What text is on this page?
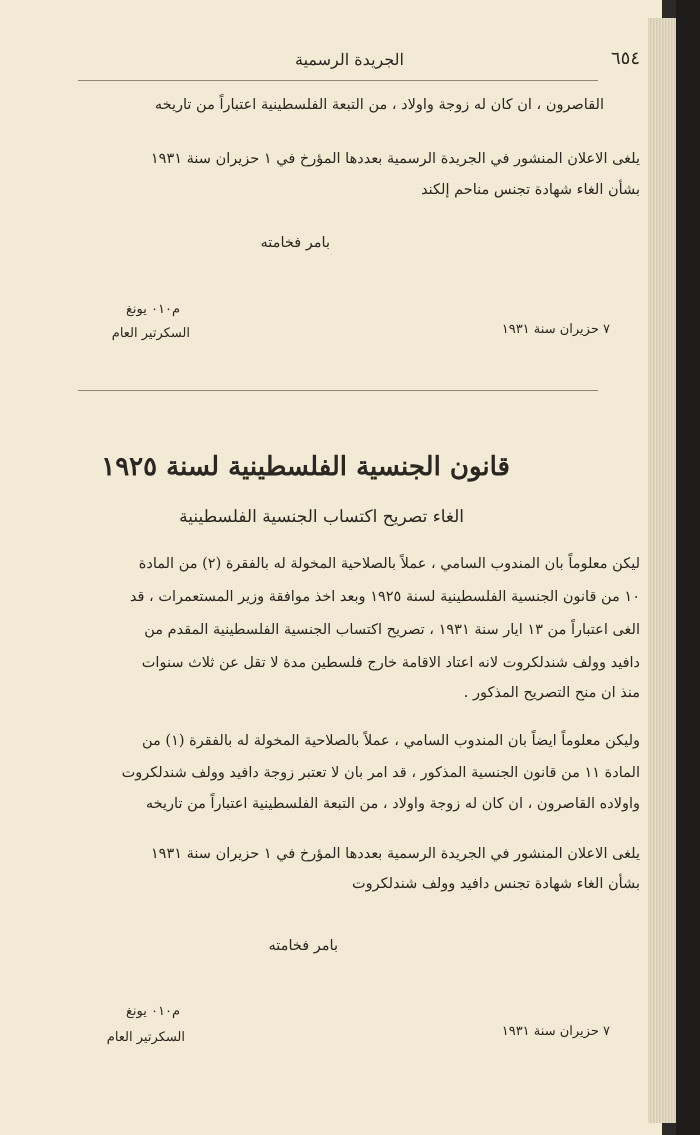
الجريدة الرسمية	٦٥٤
القاصرون ، ان كان له زوجة واولاد ، من التبعة الفلسطينية اعتباراً من تاريخه
يلغى الاعلان المنشور في الجريدة الرسمية بعددها المؤرخ في ١ حزيران سنة ١٩٣١
بشأن الغاء شهادة تجنس مناحم إلكند
بامر فخامته
م٠١٠ يونغ
السكرتير العام	٧ حزيران سنة ١٩٣١
قانون الجنسية الفلسطينية لسنة ١٩٢٥
الغاء تصريح اكتساب الجنسية الفلسطينية
ليكن معلوماً بان المندوب السامي ، عملاً بالصلاحية المخولة له بالفقرة (٢) من المادة
١٠ من قانون الجنسية الفلسطينية لسنة ١٩٢٥ وبعد اخذ موافقة وزير المستعمرات ، قد
الغى اعتباراً من ١٣ ايار سنة ١٩٣١ ، تصريح اكتساب الجنسية الفلسطينية المقدم من
دافيد وولف شندلكروت لانه اعتاد الاقامة خارج فلسطين مدة لا تقل عن ثلاث سنوات
منذ ان منح التصريح المذكور .
وليكن معلوماً ايضاً بان المندوب السامي ، عملاً بالصلاحية المخولة له بالفقرة (١) من
المادة ١١ من قانون الجنسية المذكور ، قد امر بان لا تعتبر زوجة دافيد وولف شندلكروت
واولاده القاصرون ، ان كان له زوجة واولاد ، من التبعة الفلسطينية اعتباراً من تاريخه
يلغى الاعلان المنشور في الجريدة الرسمية بعددها المؤرخ في ١ حزيران سنة ١٩٣١
بشأن الغاء شهادة تجنس دافيد وولف شندلكروت
بامر فخامته
م٠١٠ يونغ
السكرتير العام	٧ حزيران سنة ١٩٣١
